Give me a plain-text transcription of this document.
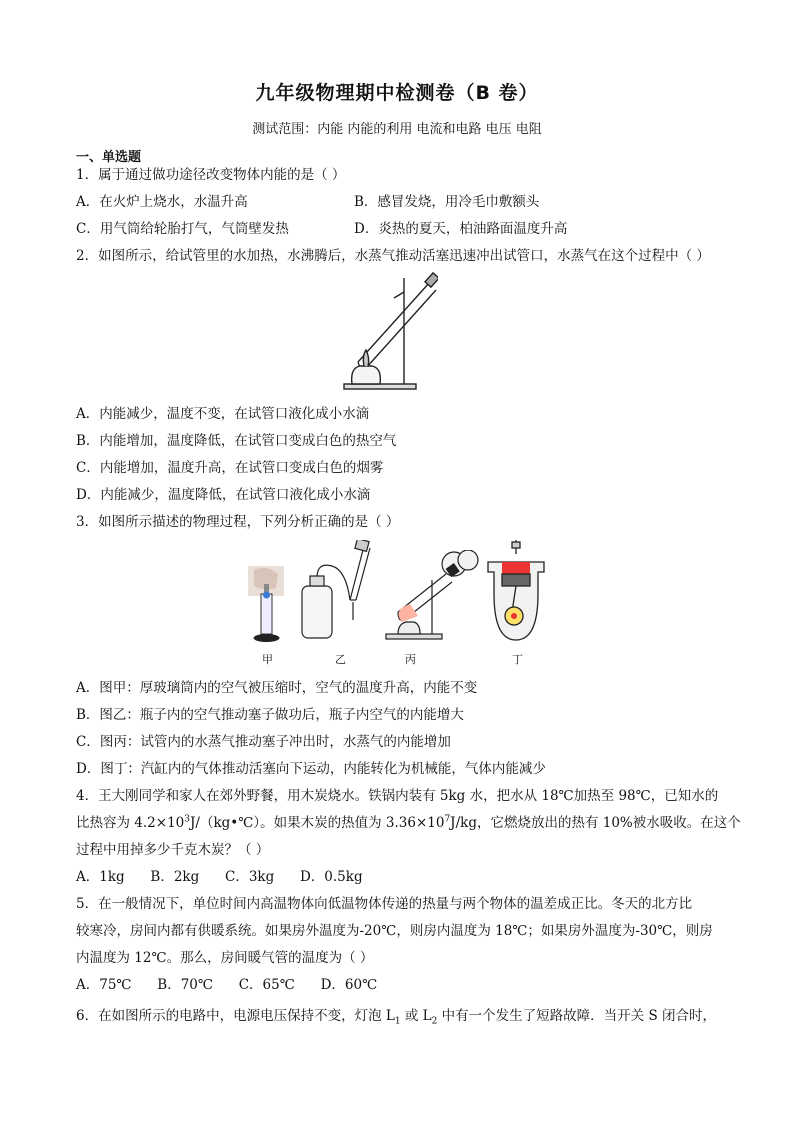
九年级物理期中检测卷（B 卷）
测试范围：内能 内能的利用 电流和电路 电压 电阻
一、单选题
1．属于通过做功途径改变物体内能的是（ ）
A．在火炉上烧水，水温升高	B．感冒发烧，用冷毛巾敷额头
C．用气筒给轮胎打气，气筒壁发热	D．炎热的夏天，柏油路面温度升高
2．如图所示，给试管里的水加热，水沸腾后，水蒸气推动活塞迅速冲出试管口，水蒸气在这个过程中（ ）
A．内能减少，温度不变，在试管口液化成小水滴
B．内能增加，温度降低，在试管口变成白色的热空气
C．内能增加，温度升高，在试管口变成白色的烟雾
D．内能减少，温度降低，在试管口液化成小水滴
3．如图所示描述的物理过程，下列分析正确的是（ ）
甲	乙	丙	丁
A．图甲：厚玻璃筒内的空气被压缩时，空气的温度升高，内能不变
B．图乙：瓶子内的空气推动塞子做功后，瓶子内空气的内能增大
C．图丙：试管内的水蒸气推动塞子冲出时，水蒸气的内能增加
D．图丁：汽缸内的气体推动活塞向下运动，内能转化为机械能，气体内能减少
4．王大刚同学和家人在郊外野餐，用木炭烧水。铁锅内装有 5kg 水，把水从 18℃加热至 98℃，已知水的
比热容为 $4.2\times 10^3J/(kg•℃)$。如果木炭的热值为 $3.36\times 10^7J/kg$，它燃烧放出的热有 10%被水吸收。在这个
过程中用掉多少千克木炭？（ ）
A．1kg      B．2kg      C．3kg      D．0.5kg
5．在一般情况下，单位时间内高温物体向低温物体传递的热量与两个物体的温差成正比。冬天的北方比
较寒冷，房间内都有供暖系统。如果房外温度为-20℃，则房内温度为 18℃；如果房外温度为-30℃，则房
内温度为 12℃。那么，房间暖气管的温度为（ ）
A．75℃      B．70℃      C．65℃      D．60℃
6．在如图所示的电路中，电源电压保持不变，灯泡 $L_1$ 或 $L_2$ 中有一个发生了短路故障．当开关 S 闭合时，
